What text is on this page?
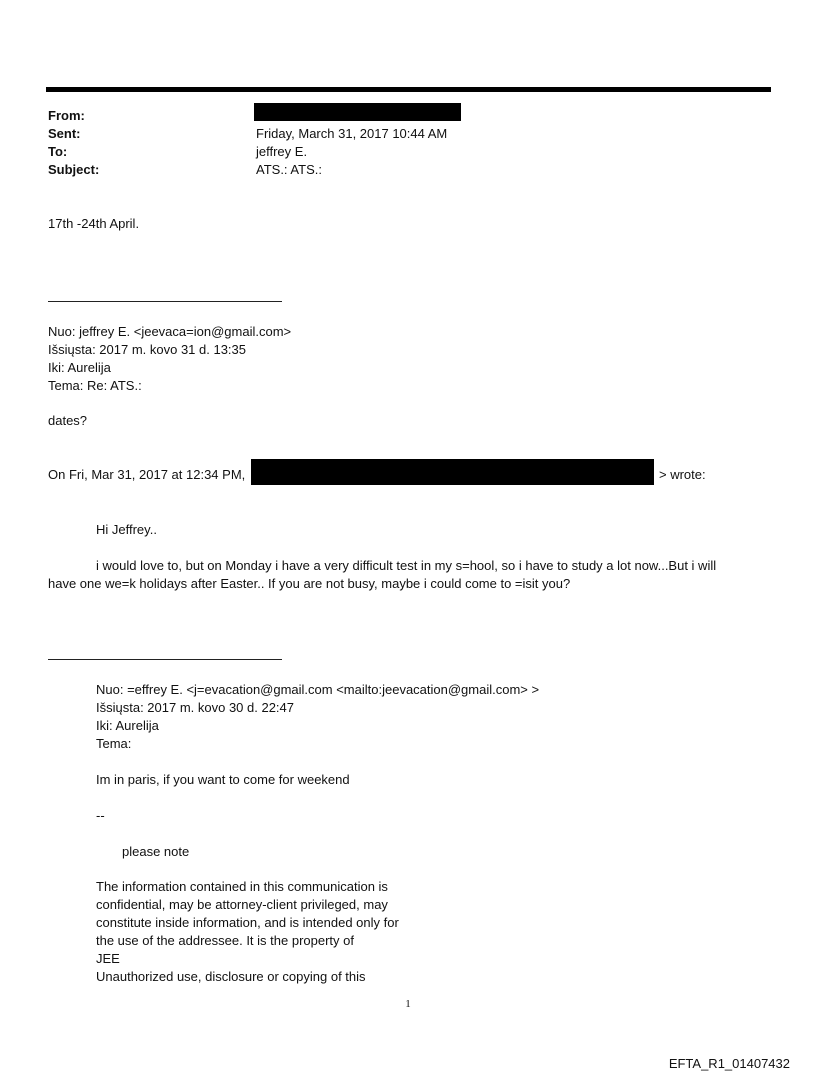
From:
Sent:	Friday, March 31, 2017 10:44 AM
To:	jeffrey E.
Subject:	ATS.: ATS.:
17th -24th April.
Nuo: jeffrey E. <jeevaca=ion@gmail.com>
Išsiųsta: 2017 m. kovo 31 d. 13:35
Iki: Aurelija
Tema: Re: ATS.:
dates?
On Fri, Mar 31, 2017 at 12:34 PM,	> wrote:
Hi Jeffrey..
i would love to, but on Monday i have a very difficult test in my s=hool, so i have to study a lot now...But i will
have one we=k holidays after Easter.. If you are not busy, maybe i could come to =isit you?
Nuo: =effrey E. <j=evacation@gmail.com <mailto:jeevacation@gmail.com> >
Išsiųsta: 2017 m. kovo 30 d. 22:47
Iki: Aurelija
Tema:
Im in paris, if you want to come for weekend
--
please note
The information contained in this communication is
confidential, may be attorney-client privileged, may
constitute inside information, and is intended only for
the use of the addressee. It is the property of
JEE
Unauthorized use, disclosure or copying of this
1
EFTA_R1_01407432
